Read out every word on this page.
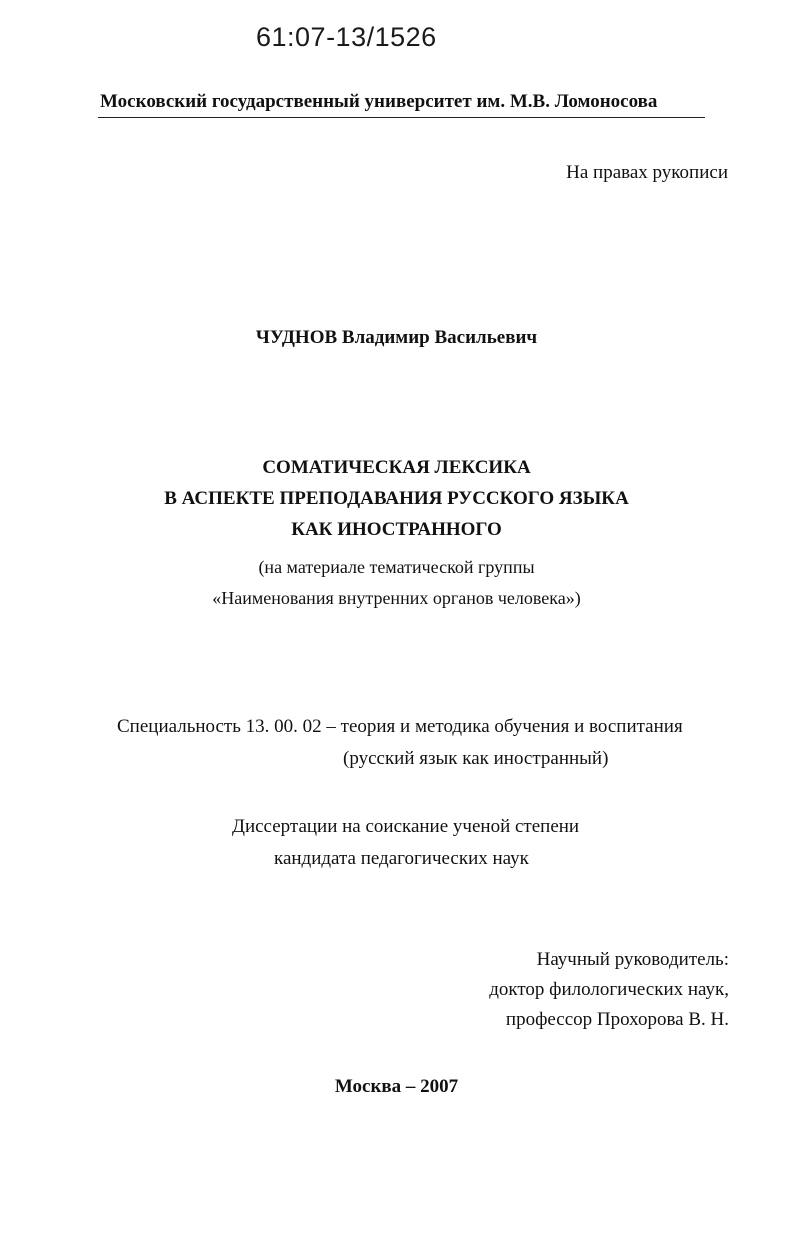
61:07-13/1526
Московский государственный университет им. М.В. Ломоносова
На правах рукописи
ЧУДНОВ Владимир Васильевич
СОМАТИЧЕСКАЯ ЛЕКСИКА
В АСПЕКТЕ ПРЕПОДАВАНИЯ РУССКОГО ЯЗЫКА
КАК ИНОСТРАННОГО
(на материале тематической группы
«Наименования внутренних органов человека»)
Специальность 13. 00. 02 – теория и методика обучения и воспитания
(русский язык как иностранный)
Диссертации на соискание ученой степени
кандидата педагогических наук
Научный руководитель:
доктор филологических наук,
профессор Прохорова В. Н.
Москва – 2007
